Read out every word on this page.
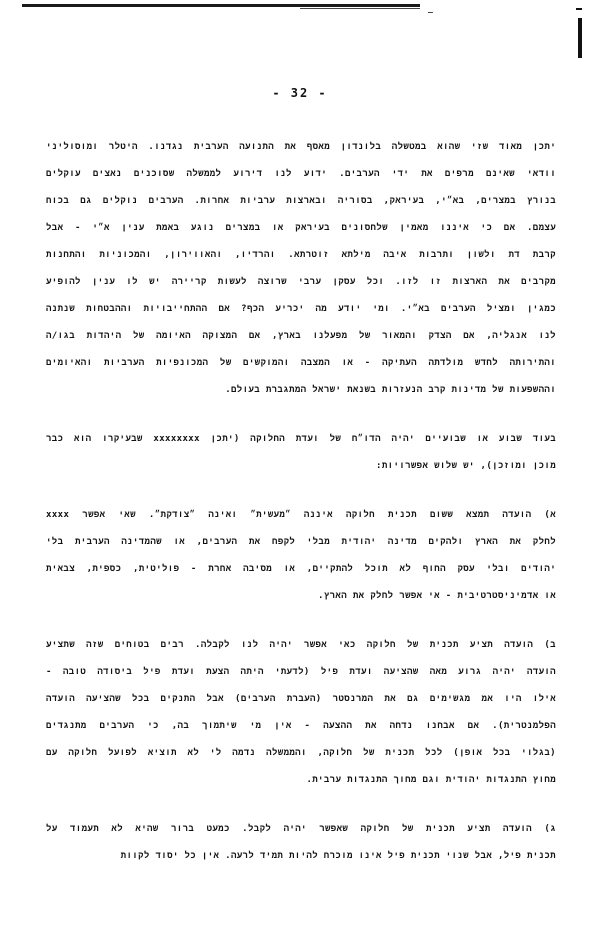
- 32 -
יתכן מאוד שזי שהוא במטשלה בלונדון מאסף את התנועה הערבית נגדנו. היטלר ומוסוליני
וודאי שאינם מרפים את ידי הערבים. ידוע לנו דירוע לממשלה שסוכנים נאצים עוקלים
בנורץ במצרים, בא״י, בעיראק, בסוריה ובארצות ערביות אחרות. הערבים נוקלים גם בכוח
עצמם. אם כי איננו מאמין שלחסונים בעיראק או במצרים נוגע באמת ענין א״י - אבל
קרבת דת ולשון ותרבות איבה מילתא זוטרתא. והרדיו, והאווירון, והמכוניות והתחנות
מקרבים את הארצות זו לזו. וכל עסקן ערבי שרוצה לעשות קריירה יש לו ענין להופיע
כמגין ומציל הערבים בא״י. ומי יודע מה יכריע הכף? אם ההתחייבויות וההבטחות שנתנה
לנו אנגליה, אם הצדק והמאור של מפעלנו בארץ, אם המצוקה האיומה של היהדות בגו/ה
והתירותה לחדש מולדתה העתיקה - או המצבה והמוקשים של המכונפיות הערביות והאיומים
וההשפעות של מדינות קרב הנעזרות בשנאת ישראל המתגברת בעולם.
בעוד שבוע או שבועיים יהיה הדו״ח של ועדת החלוקה (יתכן xxxxxxxx שבעיקרו הוא כבר
מוכן ומוזכן), יש שלוש אפשרויות:
א) הועדה תמצא ששום תכנית חלוקה איננה ״מעשית״ ואינה ״צודקת״. שאי אפשר xxxx
לחלק את הארץ ולהקים מדינה יהודית מבלי לקפח את הערבים, או שהמדינה הערבית בלי
יהודים ובלי עסק החוף לא תוכל להתקיים, או מסיבה אחרת - פוליטית, כספית, צבאית
או אדמיניסטרטיבית - אי אפשר לחלק את הארץ.
ב) הועדה תציע תכנית של חלוקה כאי אפשר יהיה לנו לקבלה. רבים בטוחים שזה שתציע
הועדה יהיה גרוע מאה שהציעה ועדת פיל (לדעתי היתה הצעת ועדת פיל ביסודה טובה -
אילו היו אמ מגשימים גם את המרנסטר (העברת הערבים) אבל התנקים בכל שהציעה הועדה
הפלמנטרית). אם אבחנו נדחה את ההצעה - אין מי שיתמוך בה, כי הערבים מתנגדים
(בגלוי בכל אופן) לכל תכנית של חלוקה, והממשלה נדמה לי לא תוציא לפועל חלוקה עם
מחוץ התנגדות יהודית וגם מחוך התנגדות ערבית.
ג) הועדה תציע תכנית של חלוקה שאפשר יהיה לקבל. כמעט ברור שהיא לא תעמוד על
תכנית פיל, אבל שנוי תכנית פיל אינו מוכרח להיות תמיד לרעה. אין כל יסוד לקוות
